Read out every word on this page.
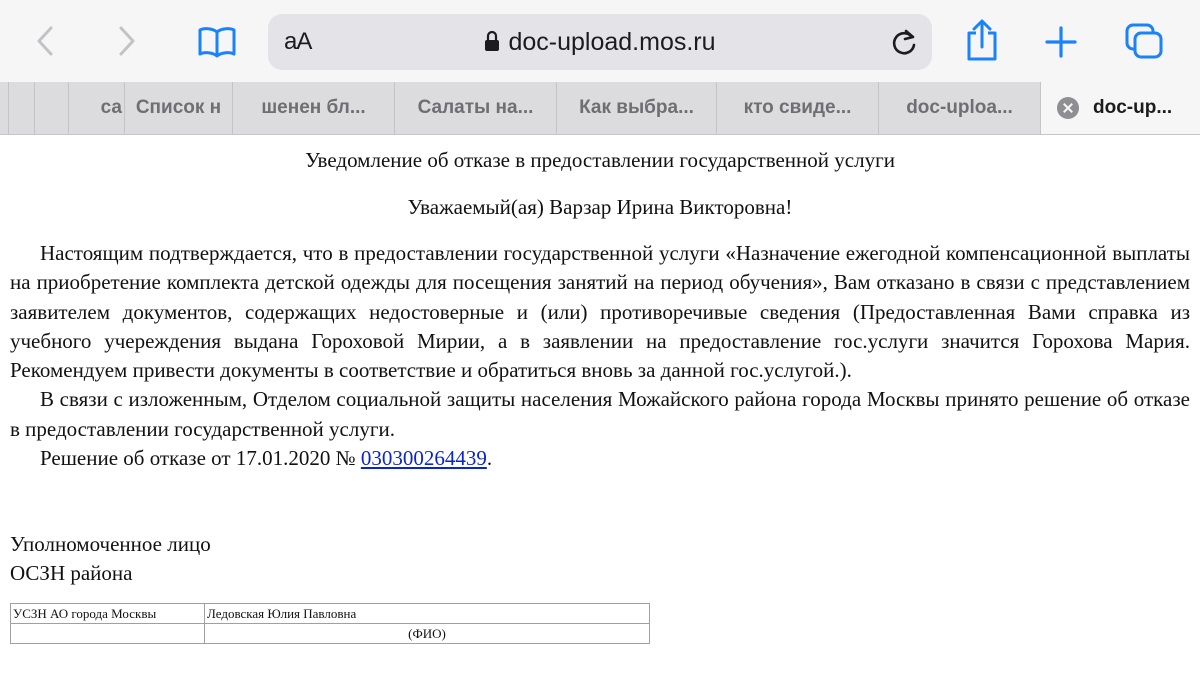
aA	doc-upload.mos.ru
са Список н	шенен бл...	Салаты на...	Как выбра...	кто свиде...	doc-uploa...	doc-up...
Уведомление об отказе в предоставлении государственной услуги
Уважаемый(ая) Варзар Ирина Викторовна!

Настоящим подтверждается, что в предоставлении государственной услуги «Назначение ежегодной компенсационной выплаты на приобретение комплекта детской одежды для посещения занятий на период обучения», Вам отказано в связи с представлением заявителем документов, содержащих недостоверные и (или) противоречивые сведения (Предоставленная Вами справка из учебного учереждения выдана Гороховой Мирии, а в заявлении на предоставление гос.услуги значится Горохова Мария. Рекомендуем привести документы в соответствие и обратиться вновь за данной гос.услугой.).

В связи с изложенным, Отделом социальной защиты населения Можайского района города Москвы принято решение об отказе в предоставлении государственной услуги.

Решение об отказе от 17.01.2020 № 030300264439.

Уполномоченное лицо
ОСЗН района
УСЗН АО города Москвы	Ледовская Юлия Павловна
	(ФИО)
